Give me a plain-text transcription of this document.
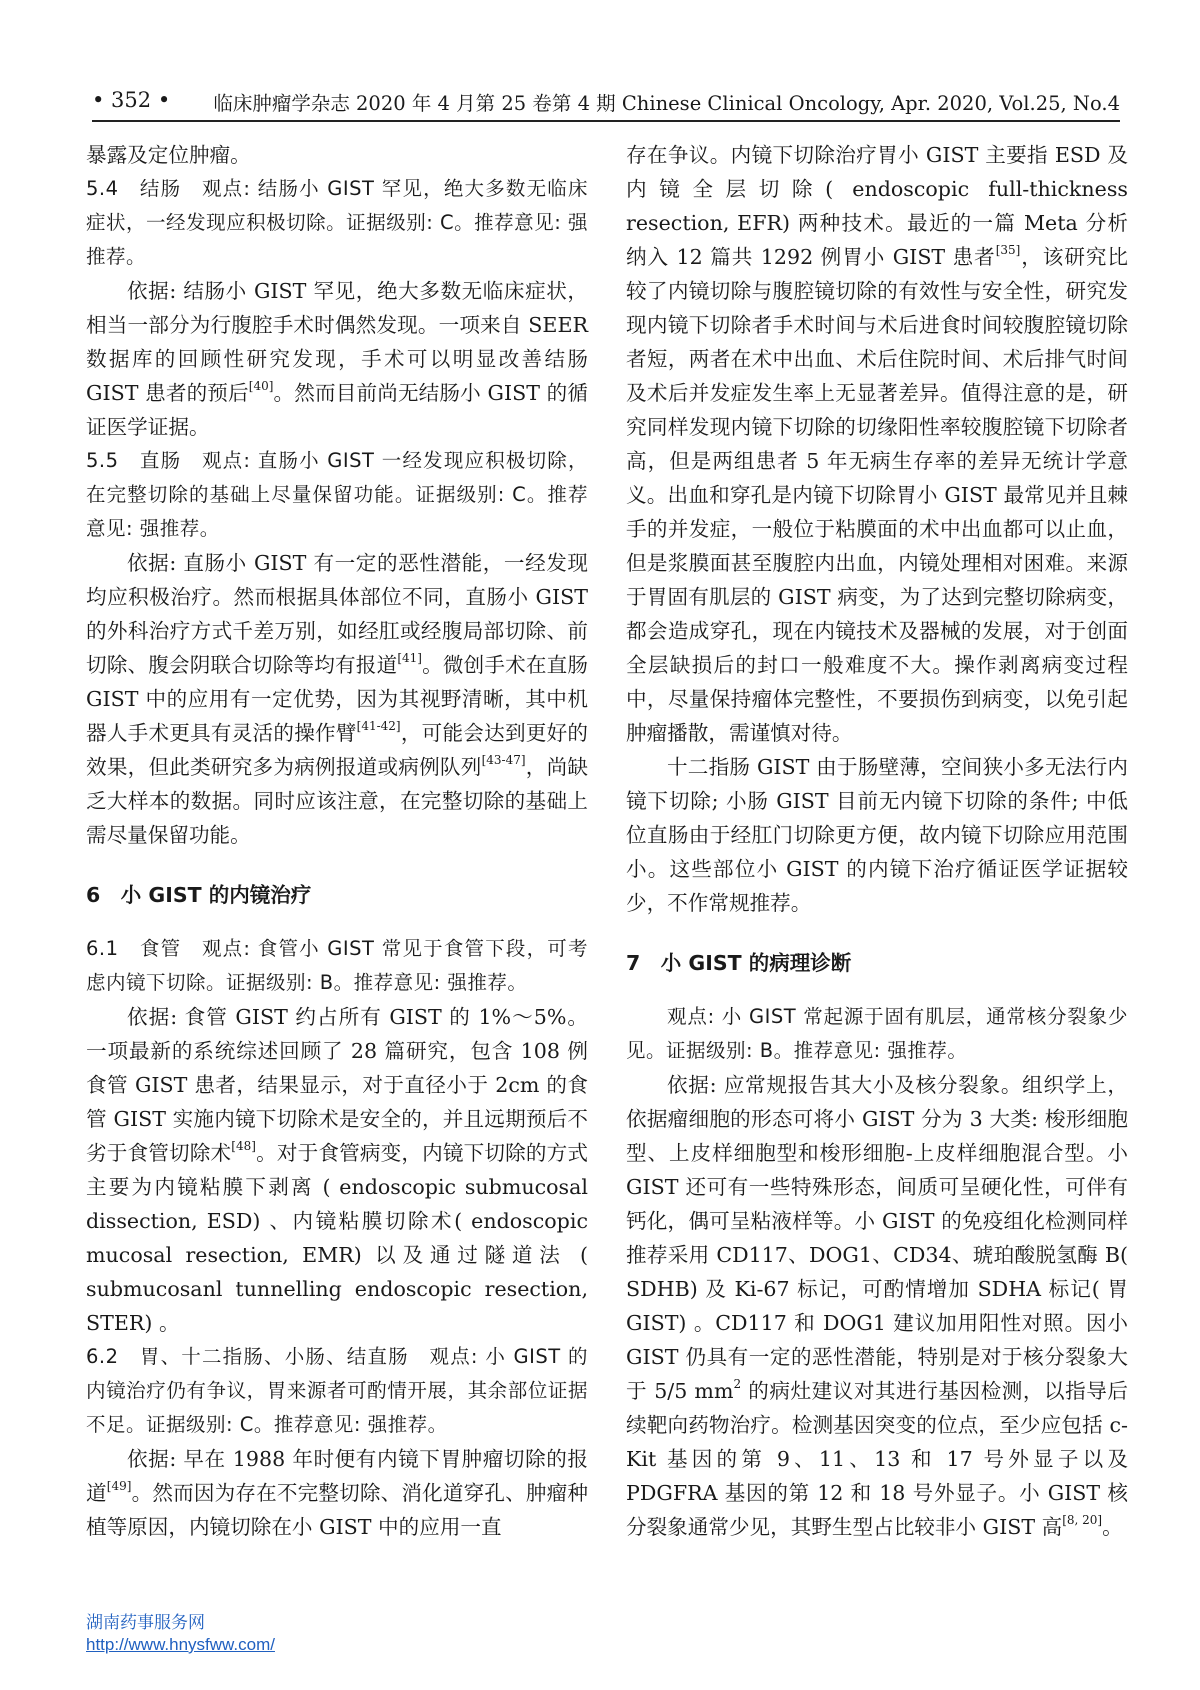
• 352 • 临床肿瘤学杂志 2020 年 4 月第 25 卷第 4 期 Chinese Clinical Oncology, Apr. 2020, Vol.25, No.4

暴露及定位肿瘤。

5.4　结肠　观点: 结肠小 GIST 罕见，绝大多数无临床症状，一经发现应积极切除。证据级别: C。推荐意见: 强推荐。

依据: 结肠小 GIST 罕见，绝大多数无临床症状，相当一部分为行腹腔手术时偶然发现。一项来自 SEER 数据库的回顾性研究发现，手术可以明显改善结肠 GIST 患者的预后[40]。然而目前尚无结肠小 GIST 的循证医学证据。

5.5　直肠　观点: 直肠小 GIST 一经发现应积极切除，在完整切除的基础上尽量保留功能。证据级别: C。推荐意见: 强推荐。

依据: 直肠小 GIST 有一定的恶性潜能，一经发现均应积极治疗。然而根据具体部位不同，直肠小 GIST 的外科治疗方式千差万别，如经肛或经腹局部切除、前切除、腹会阴联合切除等均有报道[41]。微创手术在直肠 GIST 中的应用有一定优势，因为其视野清晰，其中机器人手术更具有灵活的操作臂[41-42]，可能会达到更好的效果，但此类研究多为病例报道或病例队列[43-47]，尚缺乏大样本的数据。同时应该注意，在完整切除的基础上需尽量保留功能。

6　小 GIST 的内镜治疗

6.1　食管　观点: 食管小 GIST 常见于食管下段，可考虑内镜下切除。证据级别: B。推荐意见: 强推荐。

依据: 食管 GIST 约占所有 GIST 的 1%～5%。一项最新的系统综述回顾了 28 篇研究，包含 108 例食管 GIST 患者，结果显示，对于直径小于 2cm 的食管 GIST 实施内镜下切除术是安全的，并且远期预后不劣于食管切除术[48]。对于食管病变，内镜下切除的方式主要为内镜粘膜下剥离 ( endoscopic submucosal dissection, ESD) 、内镜粘膜切除术( endoscopic mucosal resection, EMR) 以及通过隧道法 ( submucosanl tunnelling endoscopic resection, STER) 。

6.2　胃、十二指肠、小肠、结直肠　观点: 小 GIST 的内镜治疗仍有争议，胃来源者可酌情开展，其余部位证据不足。证据级别: C。推荐意见: 强推荐。

依据: 早在 1988 年时便有内镜下胃肿瘤切除的报道[49]。然而因为存在不完整切除、消化道穿孔、肿瘤种植等原因，内镜切除在小 GIST 中的应用一直

存在争议。内镜下切除治疗胃小 GIST 主要指 ESD 及内镜全层切除( endoscopic full-thickness resection, EFR) 两种技术。最近的一篇 Meta 分析纳入 12 篇共 1292 例胃小 GIST 患者[35]，该研究比较了内镜切除与腹腔镜切除的有效性与安全性，研究发现内镜下切除者手术时间与术后进食时间较腹腔镜切除者短，两者在术中出血、术后住院时间、术后排气时间及术后并发症发生率上无显著差异。值得注意的是，研究同样发现内镜下切除的切缘阳性率较腹腔镜下切除者高，但是两组患者 5 年无病生存率的差异无统计学意义。出血和穿孔是内镜下切除胃小 GIST 最常见并且棘手的并发症，一般位于粘膜面的术中出血都可以止血，但是浆膜面甚至腹腔内出血，内镜处理相对困难。来源于胃固有肌层的 GIST 病变，为了达到完整切除病变，都会造成穿孔，现在内镜技术及器械的发展，对于创面全层缺损后的封口一般难度不大。操作剥离病变过程中，尽量保持瘤体完整性，不要损伤到病变，以免引起肿瘤播散，需谨慎对待。

十二指肠 GIST 由于肠壁薄，空间狭小多无法行内镜下切除; 小肠 GIST 目前无内镜下切除的条件; 中低位直肠由于经肛门切除更方便，故内镜下切除应用范围小。这些部位小 GIST 的内镜下治疗循证医学证据较少，不作常规推荐。

7　小 GIST 的病理诊断

观点: 小 GIST 常起源于固有肌层，通常核分裂象少见。证据级别: B。推荐意见: 强推荐。

依据: 应常规报告其大小及核分裂象。组织学上，依据瘤细胞的形态可将小 GIST 分为 3 大类: 梭形细胞型、上皮样细胞型和梭形细胞-上皮样细胞混合型。小 GIST 还可有一些特殊形态，间质可呈硬化性，可伴有钙化，偶可呈粘液样等。小 GIST 的免疫组化检测同样推荐采用 CD117、DOG1、CD34、琥珀酸脱氢酶 B( SDHB) 及 Ki-67 标记，可酌情增加 SDHA 标记( 胃 GIST) 。CD117 和 DOG1 建议加用阳性对照。因小 GIST 仍具有一定的恶性潜能，特别是对于核分裂象大于 5/5 $mm^2$ 的病灶建议对其进行基因检测，以指导后续靶向药物治疗。检测基因突变的位点，至少应包括 c-Kit 基因的第 9、11、13 和 17 号外显子以及 PDGFRA 基因的第 12 和 18 号外显子。小 GIST 核分裂象通常少见，其野生型占比较非小 GIST 高[8, 20]。

湖南药事服务网
http://www.hnysfww.com/
